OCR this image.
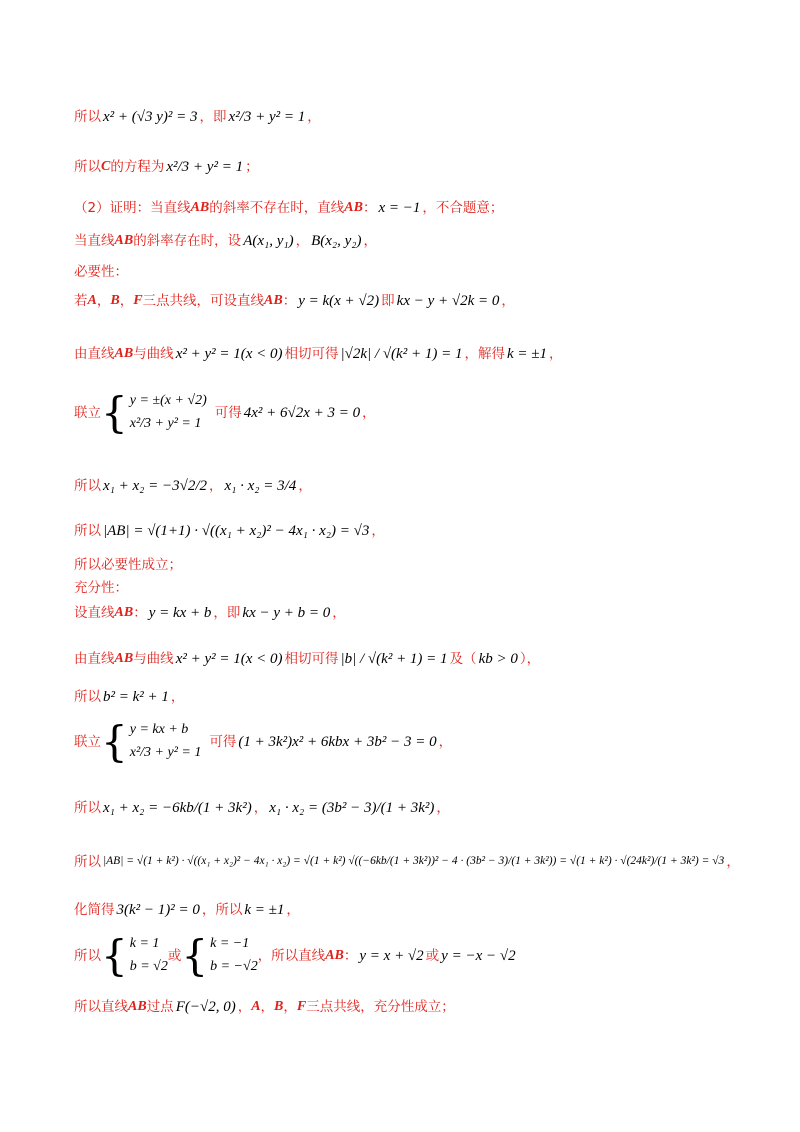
所以 x² + (√3 y)² = 3 ，即 x²/3 + y² = 1 ，
所以 C 的方程为 x²/3 + y² = 1 ；
（2）证明：当直线 AB 的斜率不存在时，直线 AB ： x = −1 ，不合题意；
当直线 AB 的斜率存在时，设 A(x₁, y₁) ， B(x₂, y₂) ，
必要性：
若 A ， B ， F 三点共线，可设直线 AB ： y = k(x + √2) 即 kx − y + √2k = 0 ，
由直线 AB 与曲线 x² + y² = 1(x < 0) 相切可得 |√2k| / √(k² + 1) = 1 ，解得 k = ±1 ，
联立 { y = ±(x + √2)
x²/3 + y² = 1
可得 4x² + 6√2x + 3 = 0 ，
所以 x₁ + x₂ = −3√2/2 ， x₁ · x₂ = 3/4 ，
所以 |AB| = √(1+1) · √((x₁ + x₂)² − 4x₁ · x₂) = √3 ，
所以必要性成立；
充分性：
设直线 AB ： y = kx + b ，即 kx − y + b = 0 ，
由直线 AB 与曲线 x² + y² = 1(x < 0) 相切可得 |b| / √(k² + 1) = 1 及（ kb > 0 ），
所以 b² = k² + 1 ，
联立 { y = kx + b
x²/3 + y² = 1
可得 (1 + 3k²)x² + 6kbx + 3b² − 3 = 0 ，
所以 x₁ + x₂ = −6kb/(1 + 3k²) ， x₁ · x₂ = (3b² − 3)/(1 + 3k²) ，
所以 |AB| = √(1 + k²) · √((x₁ + x₂)² − 4x₁ · x₂) = √(1 + k²) √((−6kb/(1 + 3k²))² − 4 · (3b² − 3)/(1 + 3k²)) = √(1 + k²) · √(24k²)/(1 + 3k²) = √3 ，
化简得 3(k² − 1)² = 0 ，所以 k = ±1 ，
所以 { k = 1
b = √2
或 { k = −1
b = −√2
，所以直线 AB ： y = x + √2 或 y = −x − √2
所以直线 AB 过点 F(−√2, 0) ， A ， B ， F 三点共线，充分性成立；
